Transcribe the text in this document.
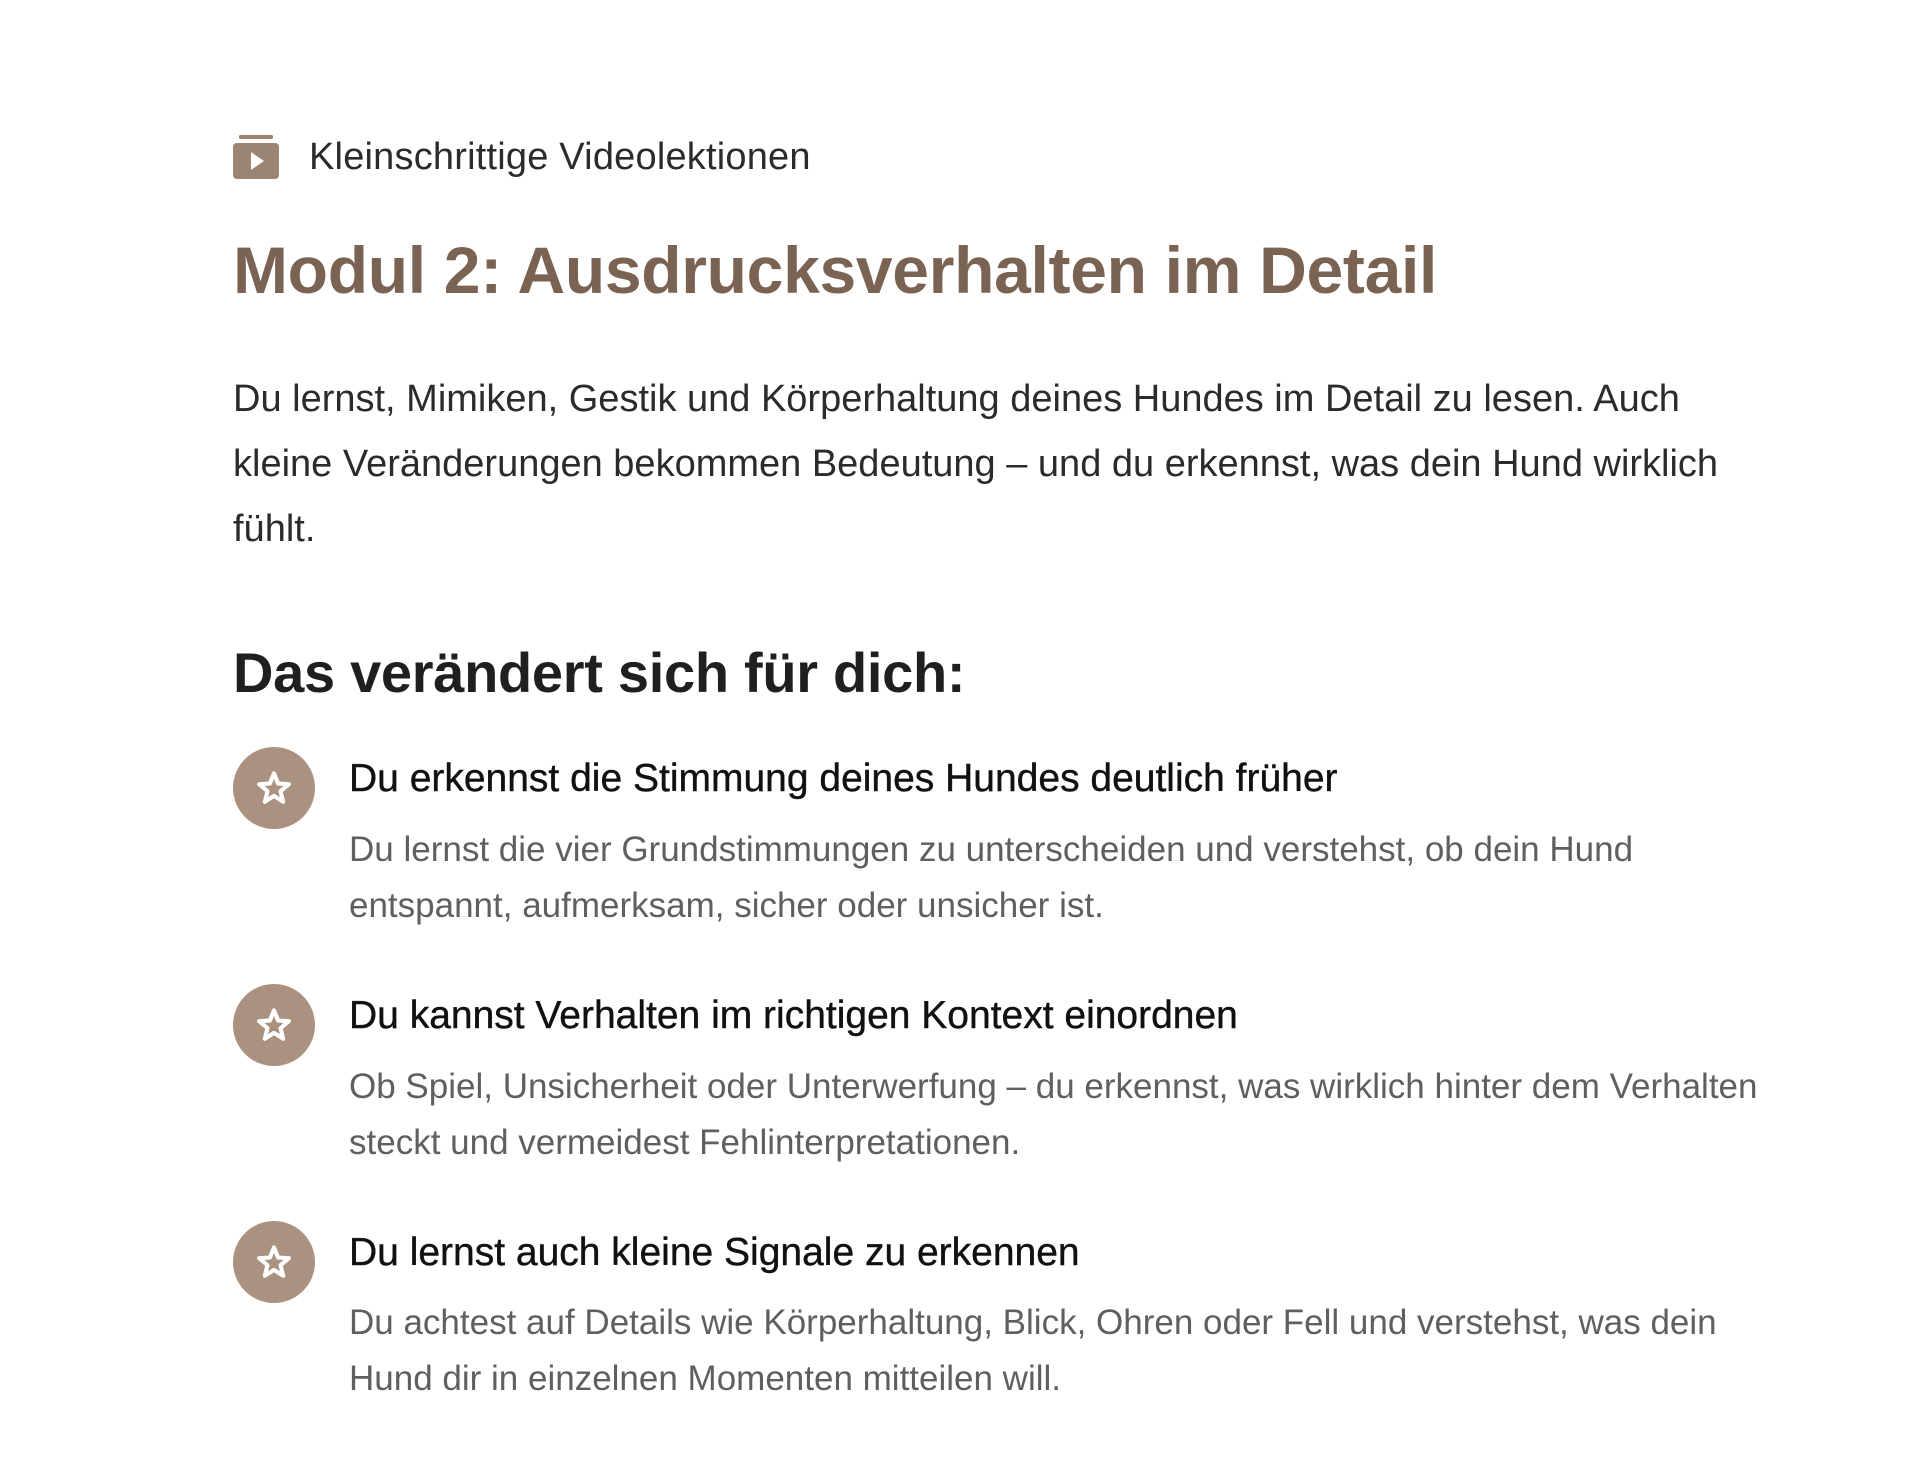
Kleinschrittige Videolektionen
Modul 2: Ausdrucksverhalten im Detail

Du lernst, Mimiken, Gestik und Körperhaltung deines Hundes im Detail zu lesen. Auch kleine Veränderungen bekommen Bedeutung – und du erkennst, was dein Hund wirklich fühlt.

Das verändert sich für dich:
Du erkennst die Stimmung deines Hundes deutlich früher
Du lernst die vier Grundstimmungen zu unterscheiden und verstehst, ob dein Hund entspannt, aufmerksam, sicher oder unsicher ist.
Du kannst Verhalten im richtigen Kontext einordnen
Ob Spiel, Unsicherheit oder Unterwerfung – du erkennst, was wirklich hinter dem Verhalten steckt und vermeidest Fehlinterpretationen.
Du lernst auch kleine Signale zu erkennen
Du achtest auf Details wie Körperhaltung, Blick, Ohren oder Fell und verstehst, was dein Hund dir in einzelnen Momenten mitteilen will.
